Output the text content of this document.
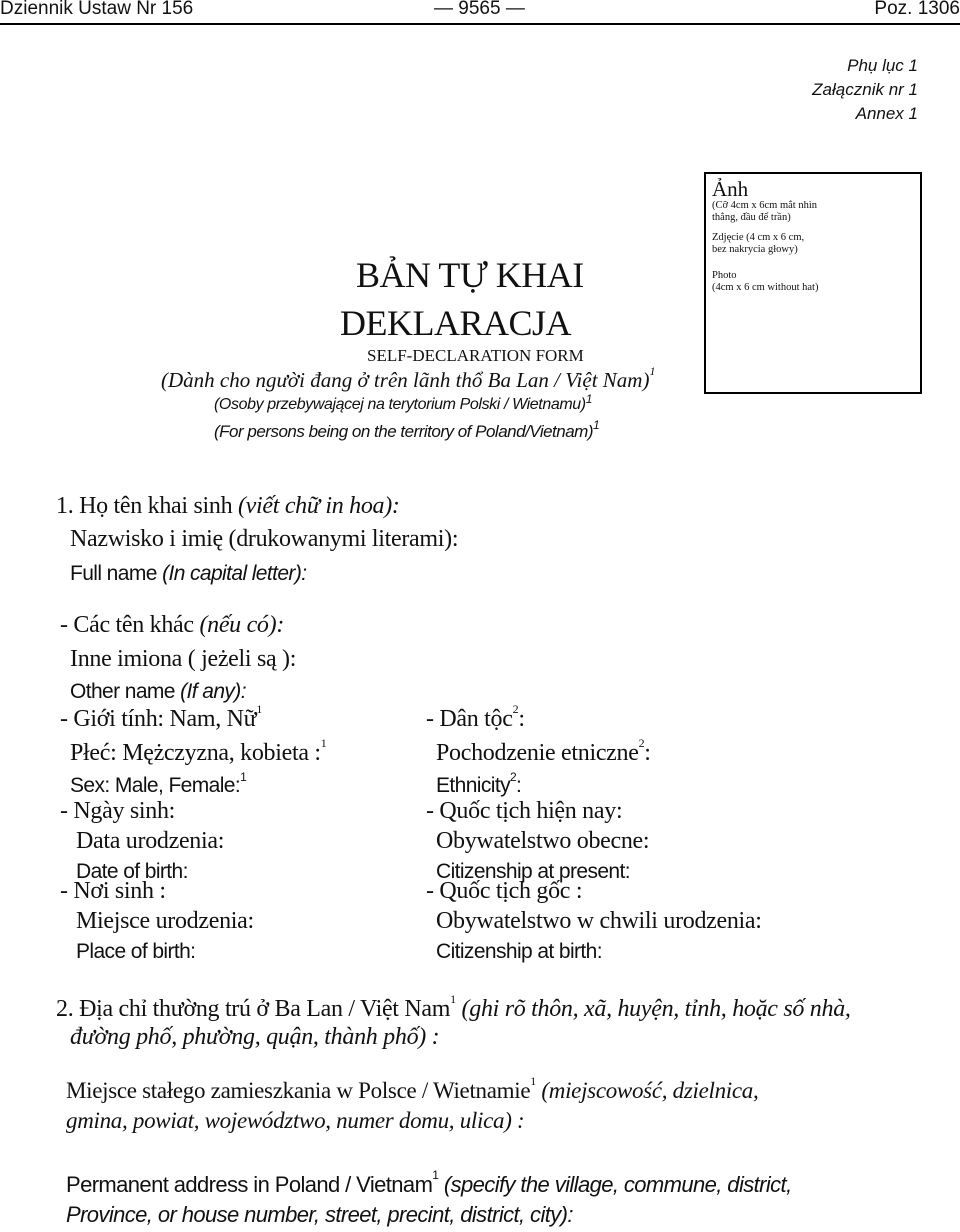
Dziennik Ustaw Nr 156	— 9565 —	Poz. 1306
Phụ lục 1
Załącznik nr 1
Annex 1
Ảnh
(Cỡ 4cm x 6cm mắt nhìn
thẳng, đầu để trần)
Zdjęcie (4 cm x 6 cm,
bez nakrycia głowy)
Photo
(4cm x 6 cm without hat)
BẢN TỰ KHAI
DEKLARACJA
SELF-DECLARATION FORM
(Dành cho người đang ở trên lãnh thổ Ba Lan / Việt Nam)$^1$
(Osoby przebywającej na terytorium Polski / Wietnamu)$^1$
(For persons being on the territory of Poland/Vietnam)$^1$
1. Họ tên khai sinh (viết chữ in hoa):
Nazwisko i imię (drukowanymi literami):
Full name (In capital letter):
- Các tên khác (nếu có):
Inne imiona ( jeżeli są ):
Other name (If any):
- Giới tính: Nam, Nữ$^1$
Płeć: Mężczyzna, kobieta :$^1$
Sex: Male, Female:$^1$
- Dân tộc$^2$:
Pochodzenie etniczne$^2$:
Ethnicity$^2$:
- Ngày sinh:
Data urodzenia:
Date of birth:
- Quốc tịch hiện nay:
Obywatelstwo obecne:
Citizenship at present:
- Nơi sinh :
Miejsce urodzenia:
Place of birth:
- Quốc tịch gốc :
Obywatelstwo w chwili urodzenia:
Citizenship at birth:
2. Địa chỉ thường trú ở Ba Lan / Việt Nam$^1$ (ghi rõ thôn, xã, huyện, tỉnh, hoặc số nhà,
đường phố, phường, quận, thành phố) :
Miejsce stałego zamieszkania w Polsce / Wietnamie$^1$ (miejscowość, dzielnica,
gmina, powiat, województwo, numer domu, ulica) :
Permanent address in Poland / Vietnam$^1$ (specify the village, commune, district,
Province, or house number, street, precint, district, city):
